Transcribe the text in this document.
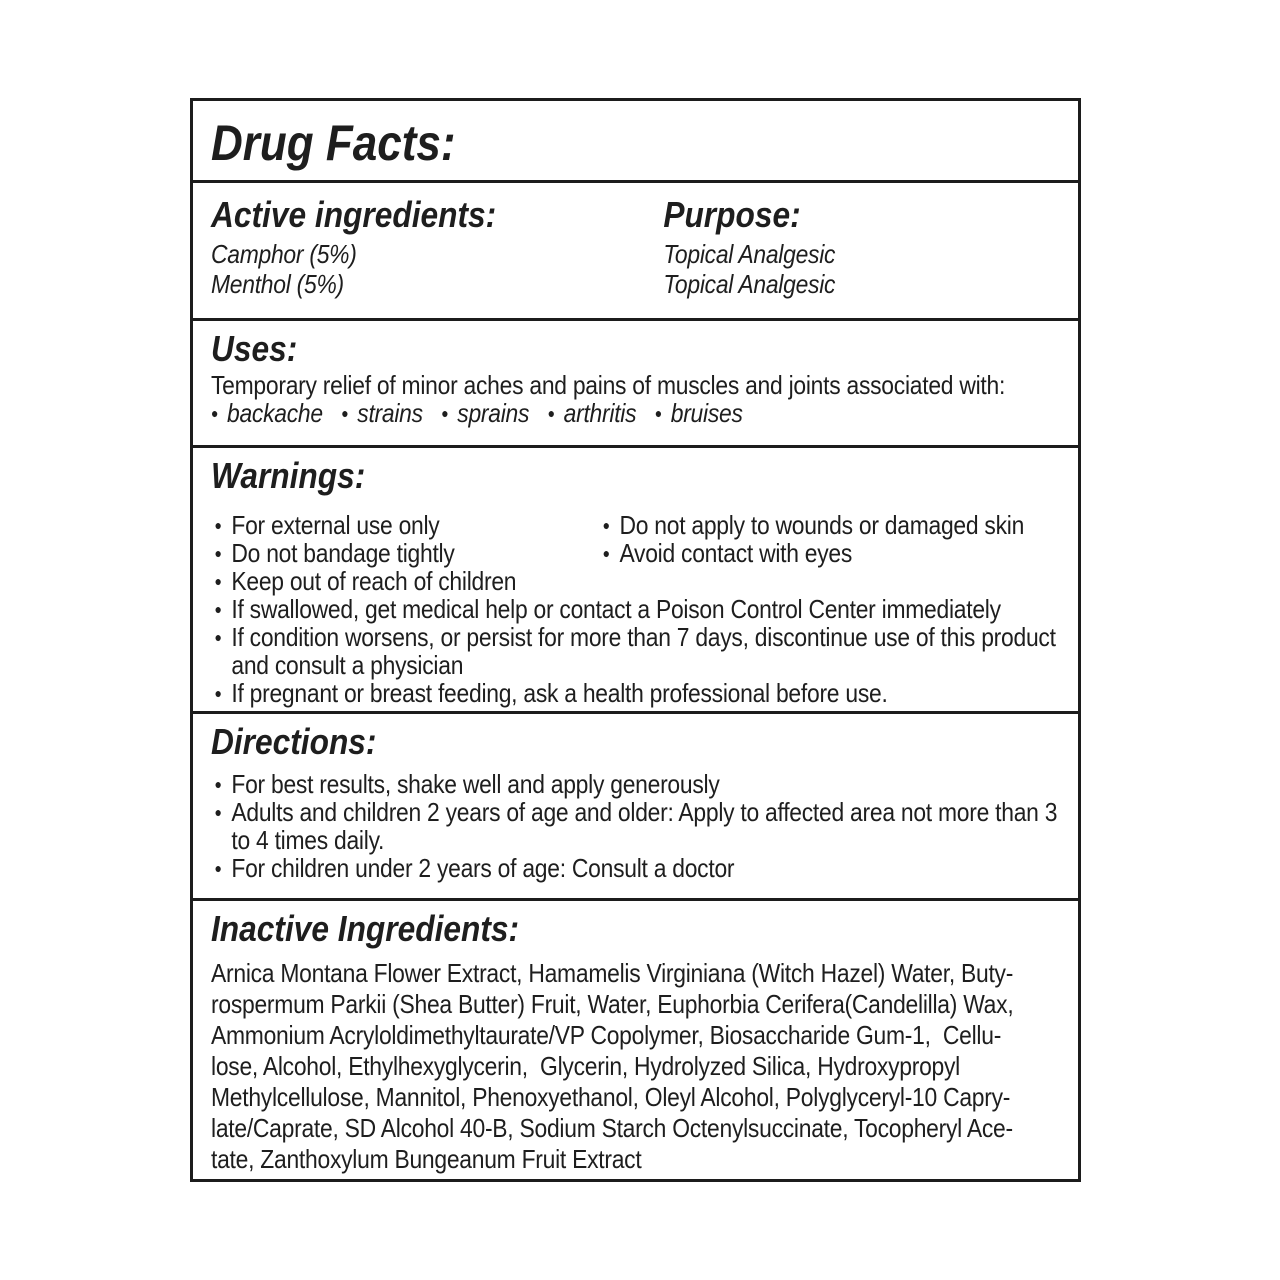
Drug Facts:
Active ingredients:	Purpose:
Camphor (5%)	Topical Analgesic
Menthol (5%)	Topical Analgesic
Uses:
Temporary relief of minor aches and pains of muscles and joints associated with:
● backache	● strains	● sprains	● arthritis	● bruises
Warnings:
● For external use only	● Do not apply to wounds or damaged skin
● Do not bandage tightly	● Avoid contact with eyes
● Keep out of reach of children
● If swallowed, get medical help or contact a Poison Control Center immediately
● If condition worsens, or persist for more than 7 days, discontinue use of this product and consult a physician
● If pregnant or breast feeding, ask a health professional before use.
Directions:
● For best results, shake well and apply generously
● Adults and children 2 years of age and older: Apply to affected area not more than 3 to 4 times daily.
● For children under 2 years of age: Consult a doctor
Inactive Ingredients:
Arnica Montana Flower Extract, Hamamelis Virginiana (Witch Hazel) Water, Buty-
rospermum Parkii (Shea Butter) Fruit, Water, Euphorbia Cerifera(Candelilla) Wax,
Ammonium Acryloldimethyltaurate/VP Copolymer, Biosaccharide Gum-1,  Cellu-
lose, Alcohol, Ethylhexyglycerin,  Glycerin, Hydrolyzed Silica, Hydroxypropyl
Methylcellulose, Mannitol, Phenoxyethanol, Oleyl Alcohol, Polyglyceryl-10 Capry-
late/Caprate, SD Alcohol 40-B, Sodium Starch Octenylsuccinate, Tocopheryl Ace-
tate, Zanthoxylum Bungeanum Fruit Extract
